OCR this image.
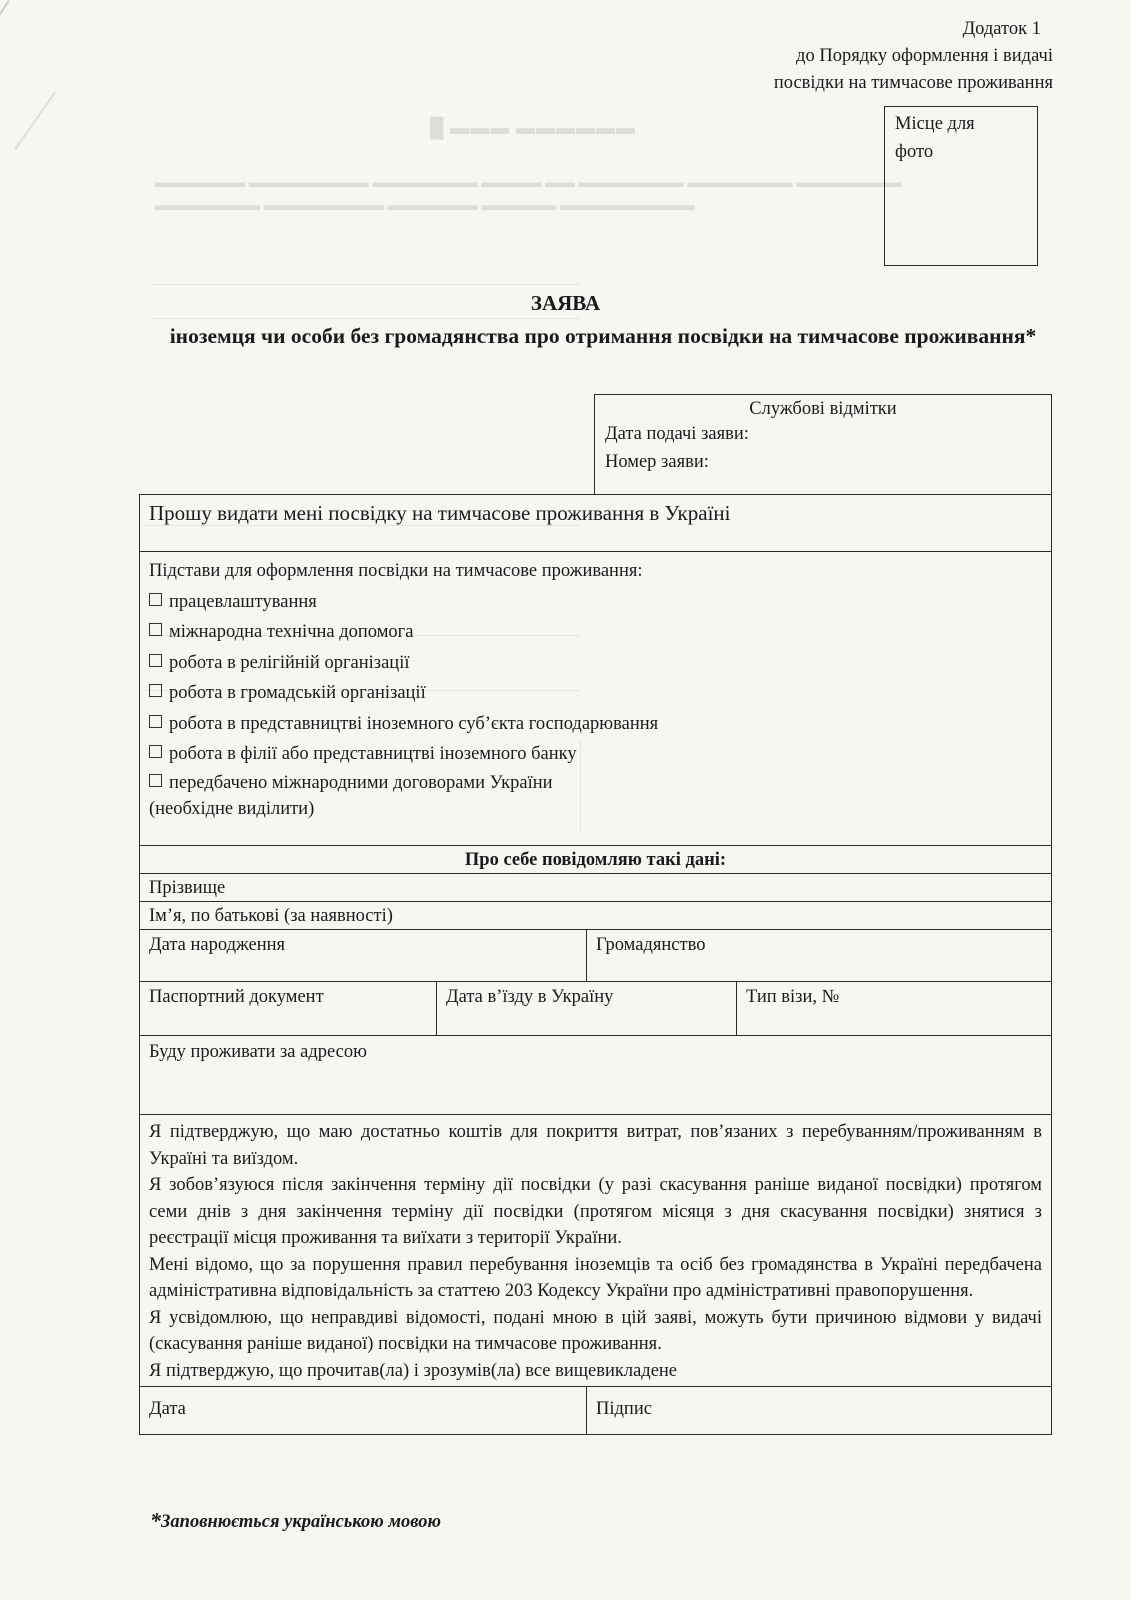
█ ▬▬▬ ▬▬▬▬▬▬
▬▬▬▬▬▬ ▬▬▬▬▬▬▬▬ ▬▬▬▬▬▬▬ ▬▬▬▬ ▬▬ ▬▬▬▬▬▬▬ ▬▬▬▬▬▬▬ ▬▬▬▬▬▬▬
▬▬▬▬▬▬▬ ▬▬▬▬▬▬▬▬ ▬▬▬▬▬▬ ▬▬▬▬▬ ▬▬▬▬▬▬▬▬▬
Додаток 1
до Порядку оформлення і видачі
посвідки на тимчасове проживання
Місце для
фото
ЗАЯВА
іноземця чи особи без громадянства про отримання посвідки на тимчасове проживання*
Службові відмітки
Дата подачі заяви:
Номер заяви:
Прошу видати мені посвідку на тимчасове проживання в Україні
Підстави для оформлення посвідки на тимчасове проживання:
працевлаштування
міжнародна технічна допомога
робота в релігійній організації
робота в громадській організації
робота в представництві іноземного суб’єкта господарювання
робота в філії або представництві іноземного банку
передбачено міжнародними договорами України
(необхідне виділити)
Про себе повідомляю такі дані:
Прізвище
Ім’я, по батькові (за наявності)
Дата народження	Громадянство
Паспортний документ	Дата в’їзду в Україну	Тип візи, №
Буду проживати за адресою

Я підтверджую, що маю достатньо коштів для покриття витрат, пов’язаних з перебуванням/проживанням в Україні та виїздом.

Я зобов’язуюся після закінчення терміну дії посвідки (у разі скасування раніше виданої посвідки) протягом семи днів з дня закінчення терміну дії посвідки (протягом місяця з дня скасування посвідки) знятися з реєстрації місця проживання та виїхати з території України.

Мені відомо, що за порушення правил перебування іноземців та осіб без громадянства в Україні передбачена адміністративна відповідальність за статтею 203 Кодексу України про адміністративні правопорушення.

Я усвідомлюю, що неправдиві відомості, подані мною в цій заяві, можуть бути причиною відмови у видачі (скасування раніше виданої) посвідки на тимчасове проживання.

Я підтверджую, що прочитав(ла) і зрозумів(ла) все вищевикладене

Дата	Підпис
*Заповнюється українською мовою
